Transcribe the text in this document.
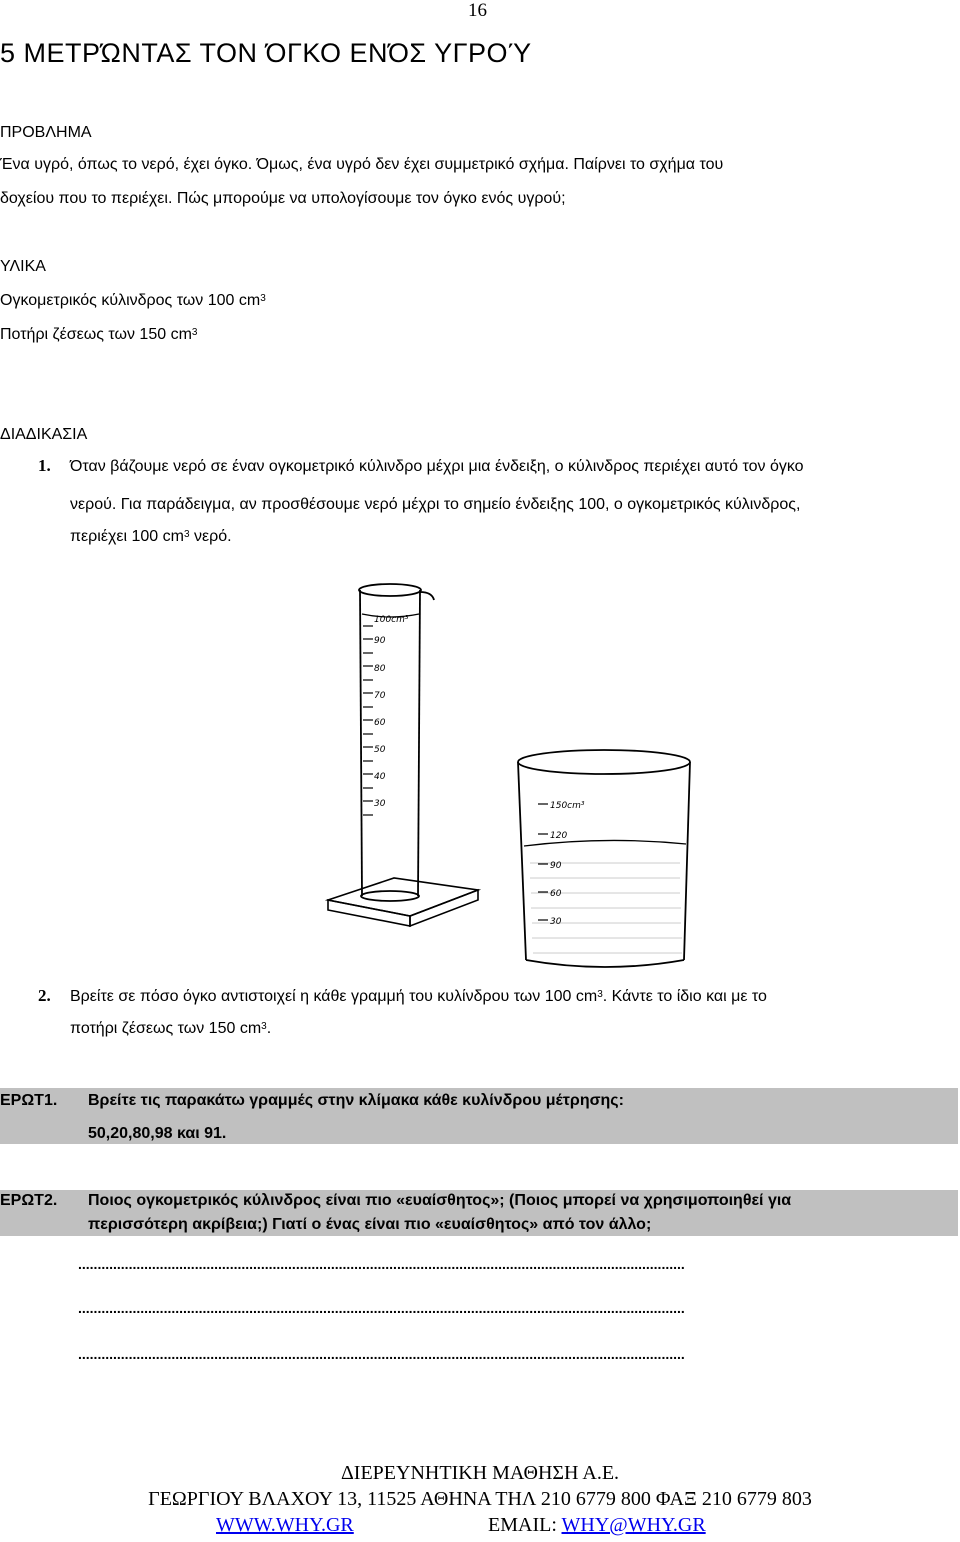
16
5 ΜΕΤΡΏΝΤΑΣ ΤΟΝ ΌΓΚΟ ΕΝΌΣ ΥΓΡΟΎ
ΠΡΟΒΛΗΜΑ
Ένα υγρό, όπως το νερό, έχει όγκο. Όμως, ένα υγρό δεν έχει συμμετρικό σχήμα. Παίρνει το σχήμα του
δοχείου που το περιέχει. Πώς μπορούμε να υπολογίσουμε τον όγκο ενός υγρού;
ΥΛΙΚΑ
Ογκομετρικός κύλινδρος των 100 $cm^3$
Ποτήρι ζέσεως των 150 $cm^3$
ΔΙΑΔΙΚΑΣΙΑ
1. Όταν βάζουμε νερό σε έναν ογκομετρικό κύλινδρο μέχρι μια ένδειξη, ο κύλινδρος περιέχει αυτό τον όγκο
νερού. Για παράδειγμα, αν προσθέσουμε νερό μέχρι το σημείο ένδειξης 100, ο ογκομετρικός κύλινδρος,
περιέχει 100 $cm^3$ νερό.
100cm³
90
80
70
60
50
40
30	150cm³
120
90
60
30
2. Βρείτε σε πόσο όγκο αντιστοιχεί η κάθε γραμμή του κυλίνδρου των 100 $cm^3$. Κάντε το ίδιο και με το
ποτήρι ζέσεως των 150 $cm^3$.
ΕΡΩΤ1. Βρείτε τις παρακάτω γραμμές στην κλίμακα κάθε κυλίνδρου μέτρησης:
50,20,80,98 και 91.
ΕΡΩΤ2. Ποιος ογκομετρικός κύλινδρος είναι πιο «ευαίσθητος»; (Ποιος μπορεί να χρησιμοποιηθεί για
περισσότερη ακρίβεια;) Γιατί ο ένας είναι πιο «ευαίσθητος» από τον άλλο;
............................................................................................................................................................
............................................................................................................................................................
............................................................................................................................................................
ΔΙΕΡΕΥΝΗΤΙΚΗ ΜΑΘΗΣΗ Α.Ε.
ΓΕΩΡΓΙΟΥ ΒΛΑΧΟΥ 13, 11525 ΑΘΗΝΑ ΤΗΛ 210 6779 800 ΦΑΞ 210 6779 803
WWW.WHY.GR	EMAIL: WHY@WHY.GR
